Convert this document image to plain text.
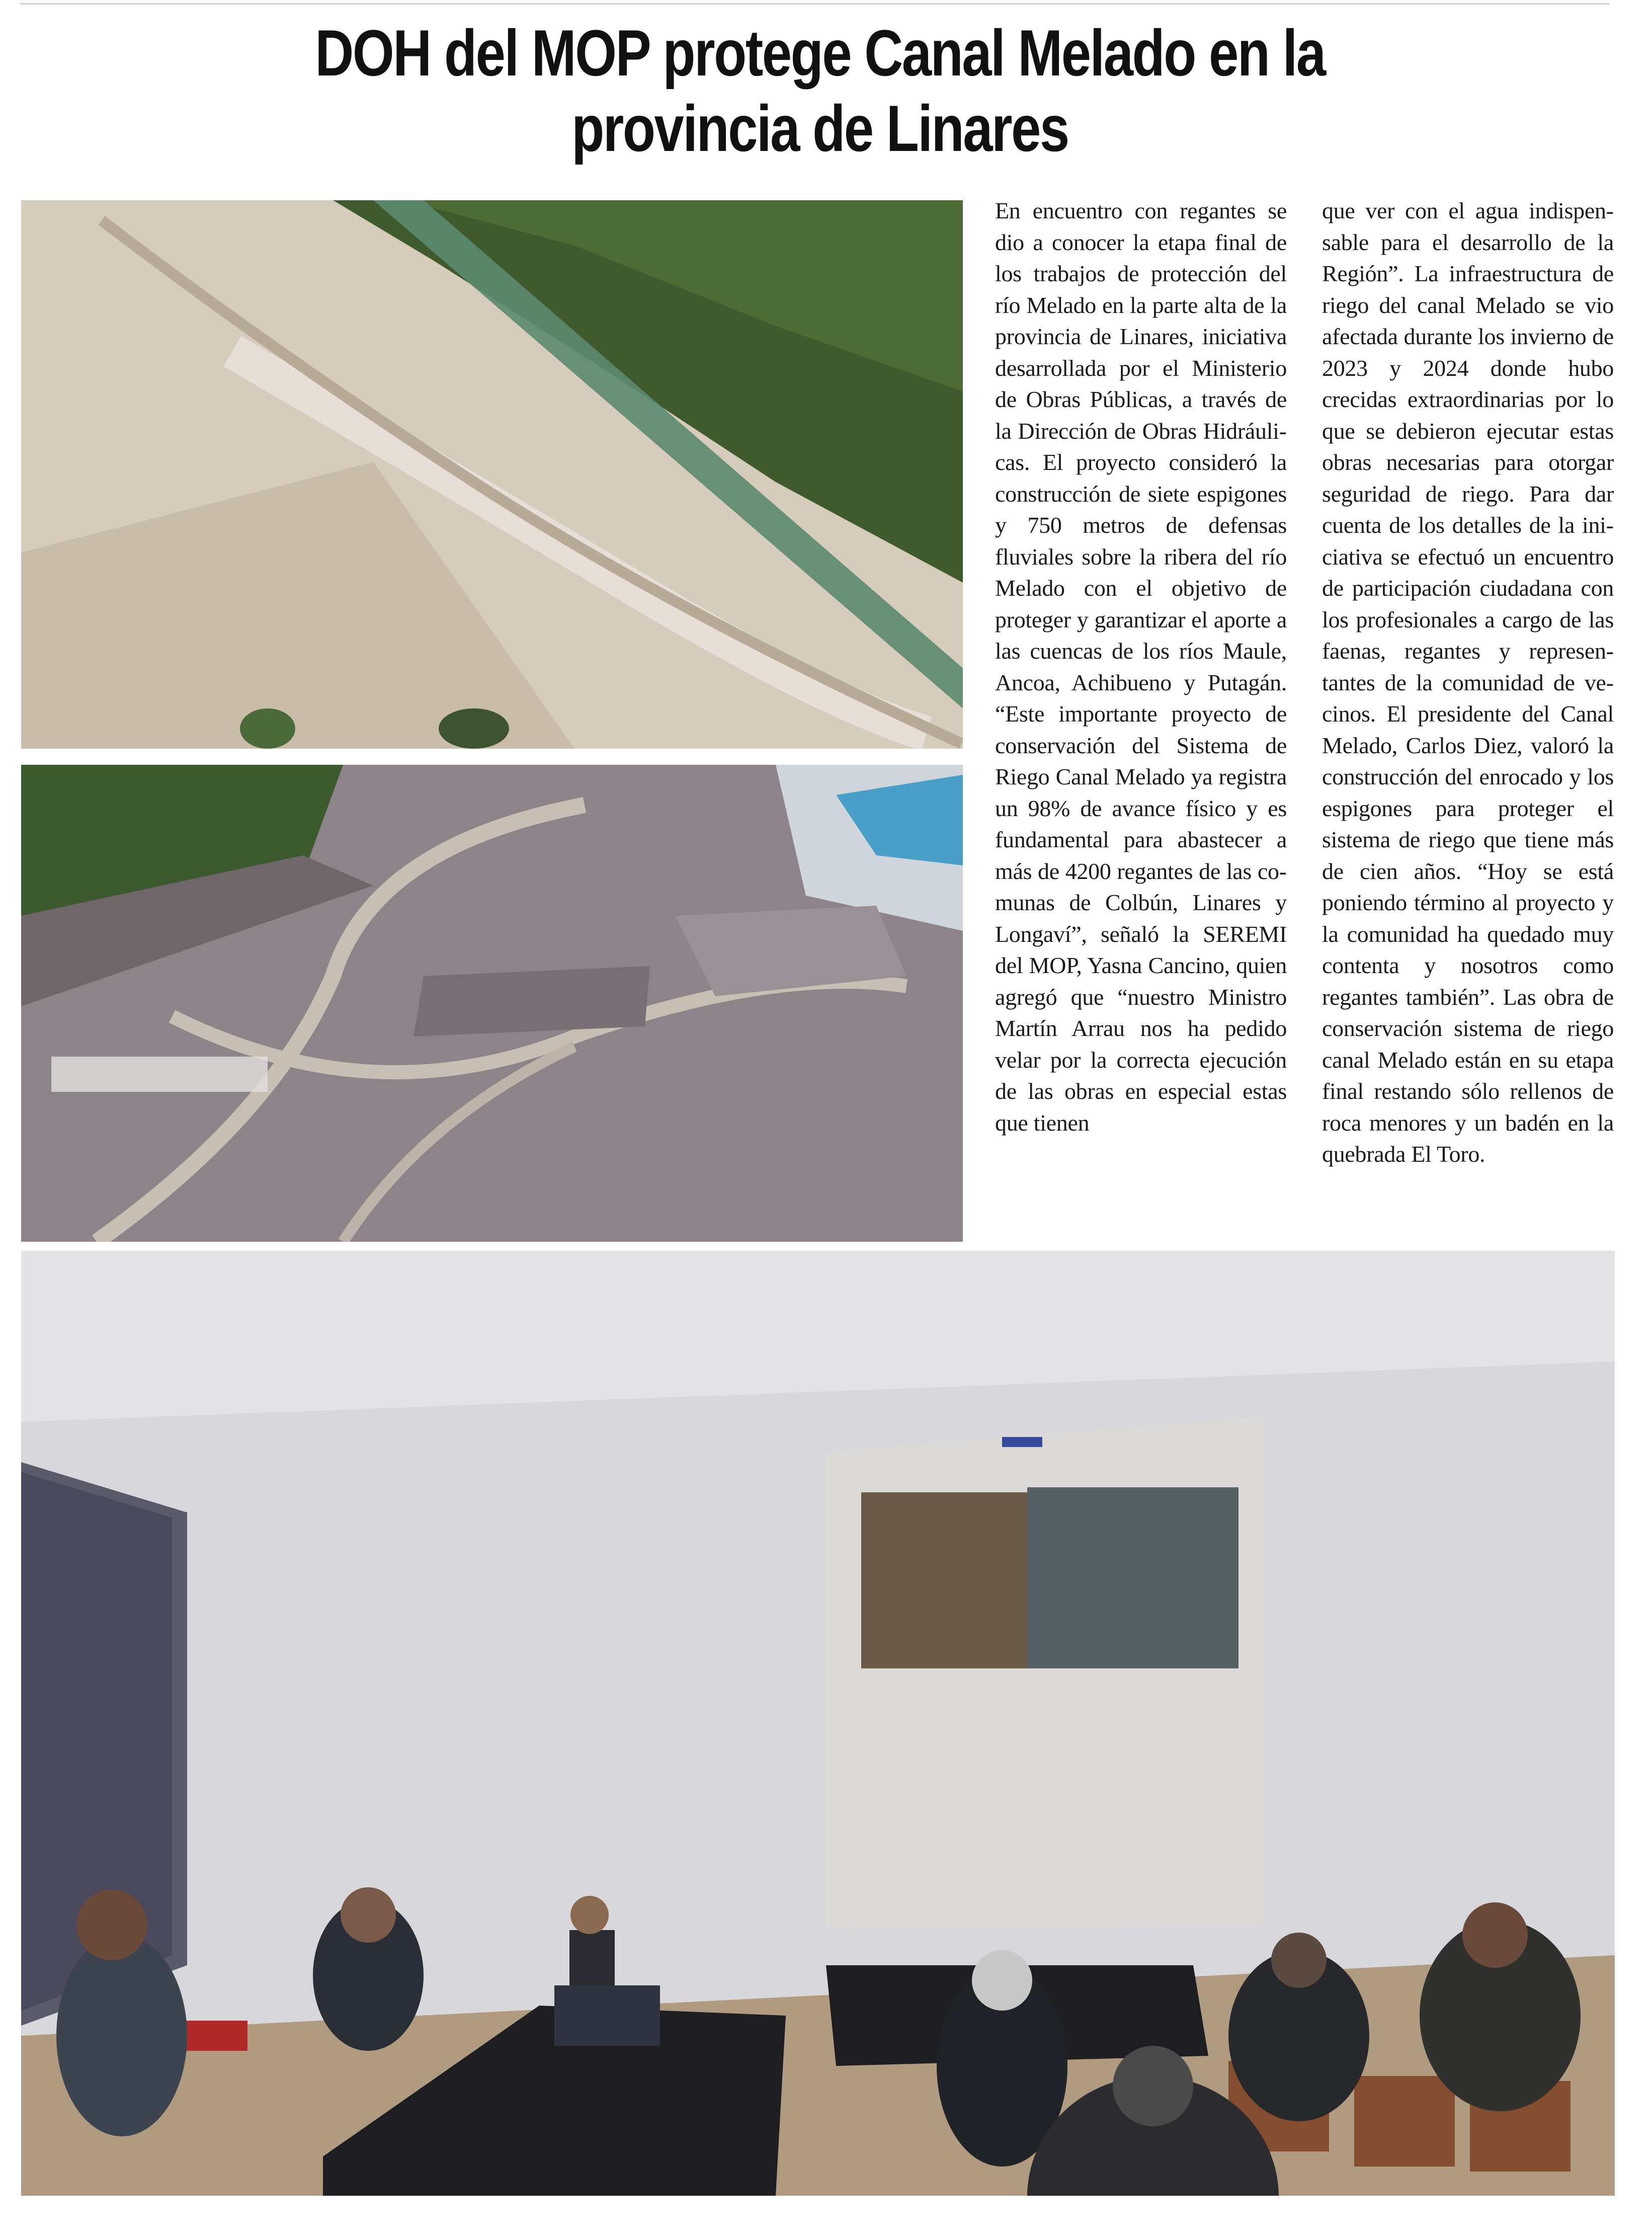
DOH del MOP protege Canal Melado en la
provincia de Linares

En encuentro con regantes se dio a conocer la etapa final de los trabajos de protección del río Melado en la parte alta de la provincia de Linares, iniciativa desarrollada por el Ministerio de Obras Públicas, a través de la Dirección de Obras Hidráulicas. El proyecto consideró la construcción de siete espigones y 750 metros de defensas fluviales sobre la ribera del río Melado con el objetivo de proteger y garantizar el aporte a las cuencas de los ríos Maule, Ancoa, Achibueno y Putagán. “Este importante proyecto de conservación del Sistema de Riego Canal Melado ya registra un 98% de avance físico y es fundamental para abastecer a más de 4200 regantes de las comunas de Colbún, Linares y Longaví”, señaló la SEREMI del MOP, Yasna Cancino, quien agregó que “nuestro Ministro Martín Arrau nos ha pedido velar por la correcta ejecución de las obras en especial estas que tienen

que ver con el agua indispensable para el desarrollo de la Región”. La infraestructura de riego del canal Melado se vio afectada durante los invierno de 2023 y 2024 donde hubo crecidas extraordinarias por lo que se debieron ejecutar estas obras necesarias para otorgar seguridad de riego. Para dar cuenta de los detalles de la iniciativa se efectuó un encuentro de participación ciudadana con los profesionales a cargo de las faenas, regantes y representantes de la comunidad de vecinos. El presidente del Canal Melado, Carlos Diez, valoró la construcción del enrocado y los espigones para proteger el sistema de riego que tiene más de cien años. “Hoy se está poniendo término al proyecto y la comunidad ha quedado muy contenta y nosotros como regantes también”. Las obra de conservación sistema de riego canal Melado están en su etapa final restando sólo rellenos de roca menores y un badén en la quebrada El Toro.
